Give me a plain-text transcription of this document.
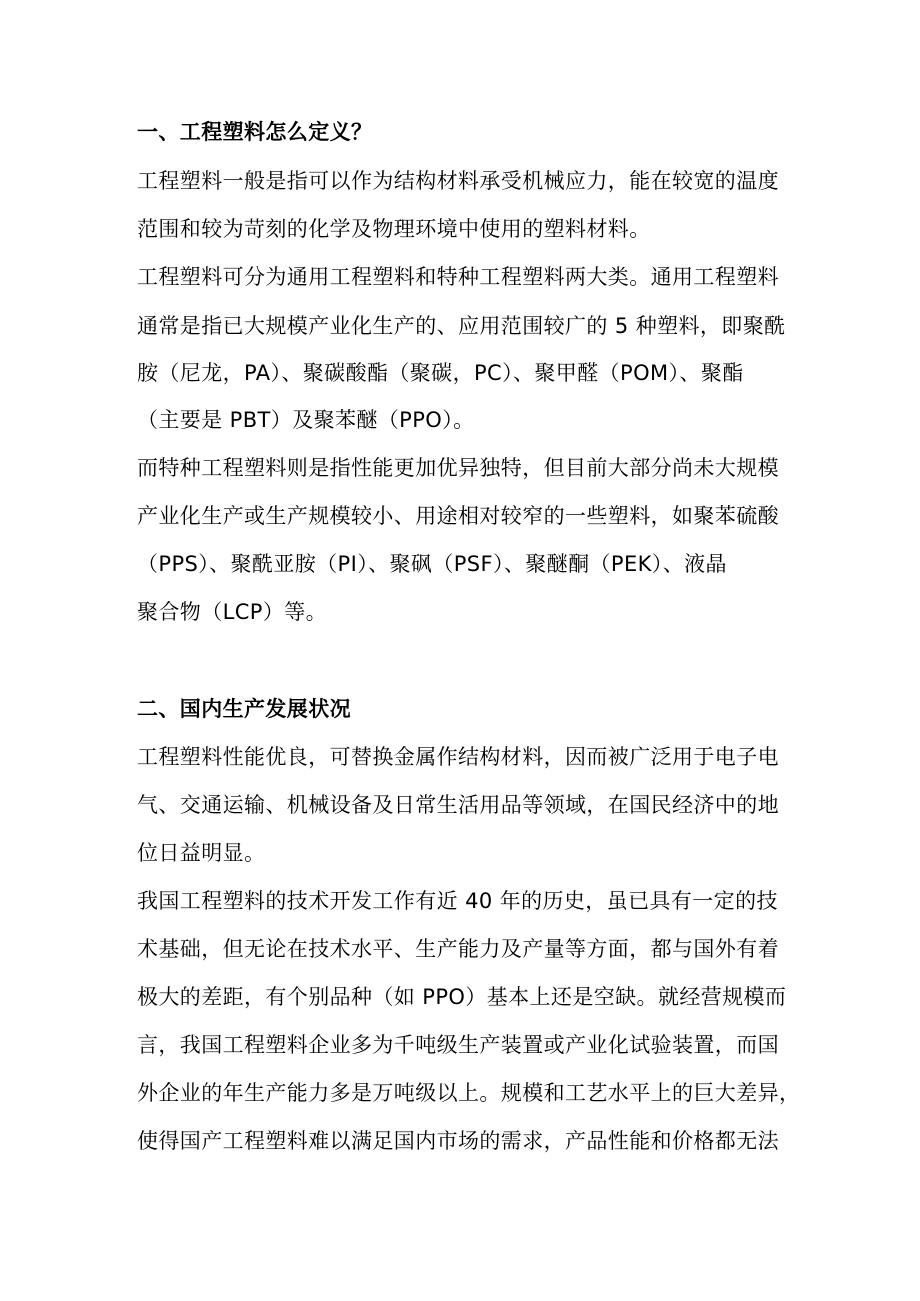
一、工程塑料怎么定义？
工程塑料一般是指可以作为结构材料承受机械应力，能在较宽的温度
范围和较为苛刻的化学及物理环境中使用的塑料材料。
工程塑料可分为通用工程塑料和特种工程塑料两大类。通用工程塑料
通常是指已大规模产业化生产的、应用范围较广的 5 种塑料，即聚酰
胺（尼龙，PA）、聚碳酸酯（聚碳，PC）、聚甲醛（POM）、聚酯
（主要是 PBT）及聚苯醚（PPO）。
而特种工程塑料则是指性能更加优异独特，但目前大部分尚未大规模
产业化生产或生产规模较小、用途相对较窄的一些塑料，如聚苯硫酸
（PPS）、聚酰亚胺（PI）、聚砜（PSF）、聚醚酮（PEK）、液晶
聚合物（LCP）等。
二、国内生产发展状况
工程塑料性能优良，可替换金属作结构材料，因而被广泛用于电子电
气、交通运输、机械设备及日常生活用品等领域，在国民经济中的地
位日益明显。
我国工程塑料的技术开发工作有近 40 年的历史，虽已具有一定的技
术基础，但无论在技术水平、生产能力及产量等方面，都与国外有着
极大的差距，有个别品种（如 PPO）基本上还是空缺。就经营规模而
言，我国工程塑料企业多为千吨级生产装置或产业化试验装置，而国
外企业的年生产能力多是万吨级以上。规模和工艺水平上的巨大差异，
使得国产工程塑料难以满足国内市场的需求，产品性能和价格都无法
